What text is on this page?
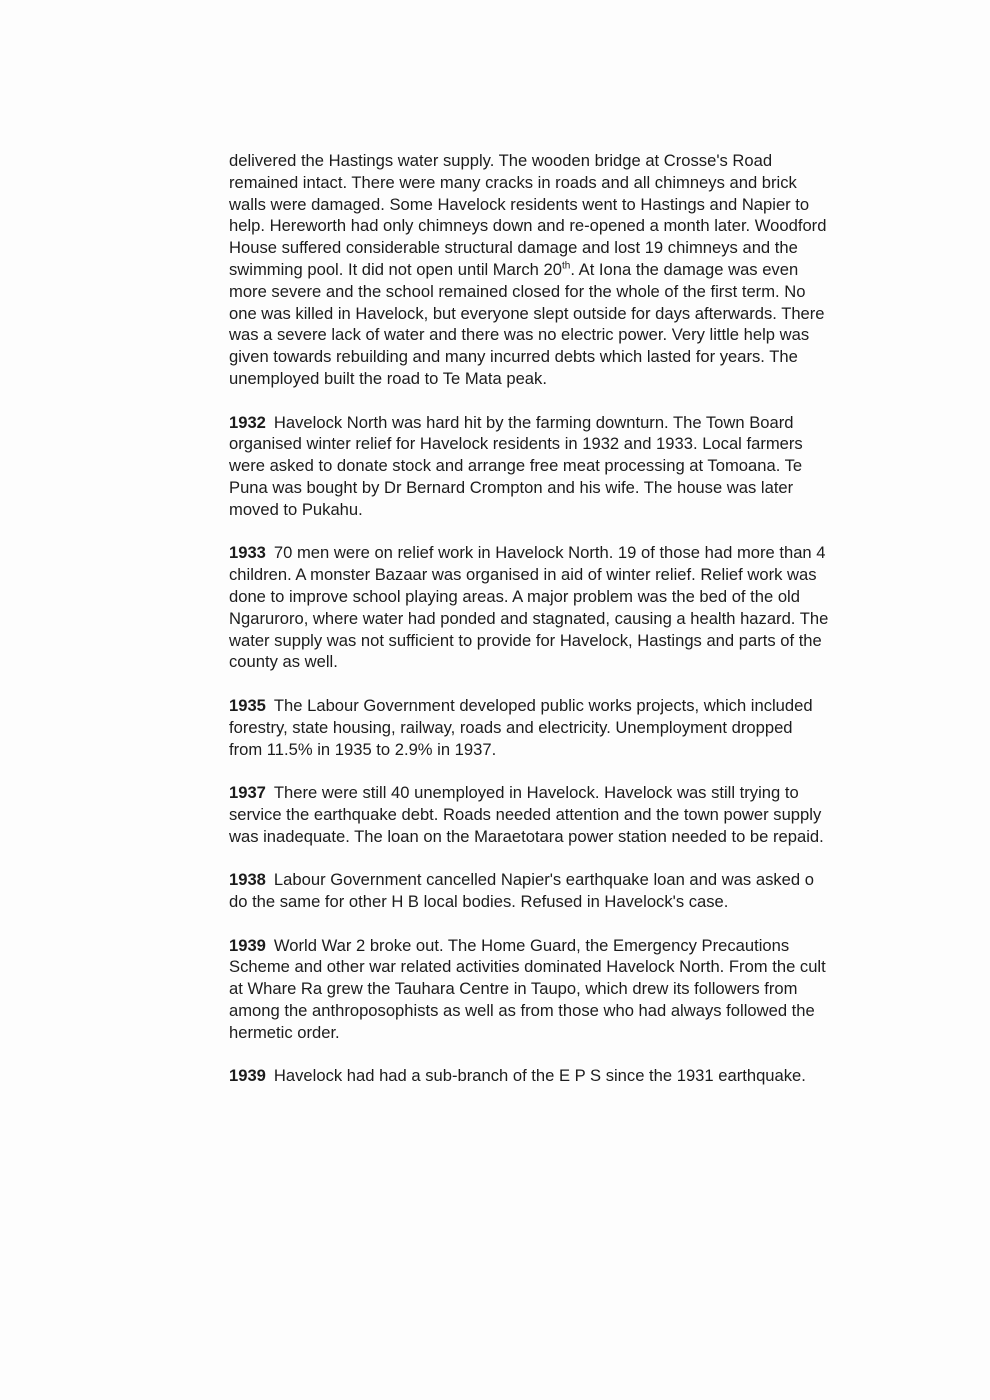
delivered the Hastings water supply. The wooden bridge at Crosse's Road remained intact. There were many cracks in roads and all chimneys and brick walls were damaged. Some Havelock residents went to Hastings and Napier to help. Hereworth had only chimneys down and re-opened a month later. Woodford House suffered considerable structural damage and lost 19 chimneys and the swimming pool. It did not open until March 20th. At Iona the damage was even more severe and the school remained closed for the whole of the first term. No one was killed in Havelock, but everyone slept outside for days afterwards. There was a severe lack of water and there was no electric power. Very little help was given towards rebuilding and many incurred debts which lasted for years. The unemployed built the road to Te Mata peak.

1932 Havelock North was hard hit by the farming downturn. The Town Board organised winter relief for Havelock residents in 1932 and 1933. Local farmers were asked to donate stock and arrange free meat processing at Tomoana. Te Puna was bought by Dr Bernard Crompton and his wife. The house was later moved to Pukahu.

1933 70 men were on relief work in Havelock North. 19 of those had more than 4 children. A monster Bazaar was organised in aid of winter relief. Relief work was done to improve school playing areas. A major problem was the bed of the old Ngaruroro, where water had ponded and stagnated, causing a health hazard. The water supply was not sufficient to provide for Havelock, Hastings and parts of the county as well.

1935 The Labour Government developed public works projects, which included forestry, state housing, railway, roads and electricity. Unemployment dropped from 11.5% in 1935 to 2.9% in 1937.

1937 There were still 40 unemployed in Havelock. Havelock was still trying to service the earthquake debt. Roads needed attention and the town power supply was inadequate. The loan on the Maraetotara power station needed to be repaid.

1938 Labour Government cancelled Napier's earthquake loan and was asked o do the same for other H B local bodies. Refused in Havelock's case.

1939 World War 2 broke out. The Home Guard, the Emergency Precautions Scheme and other war related activities dominated Havelock North. From the cult at Whare Ra grew the Tauhara Centre in Taupo, which drew its followers from among the anthroposophists as well as from those who had always followed the hermetic order.

1939 Havelock had had a sub-branch of the E P S since the 1931 earthquake.
